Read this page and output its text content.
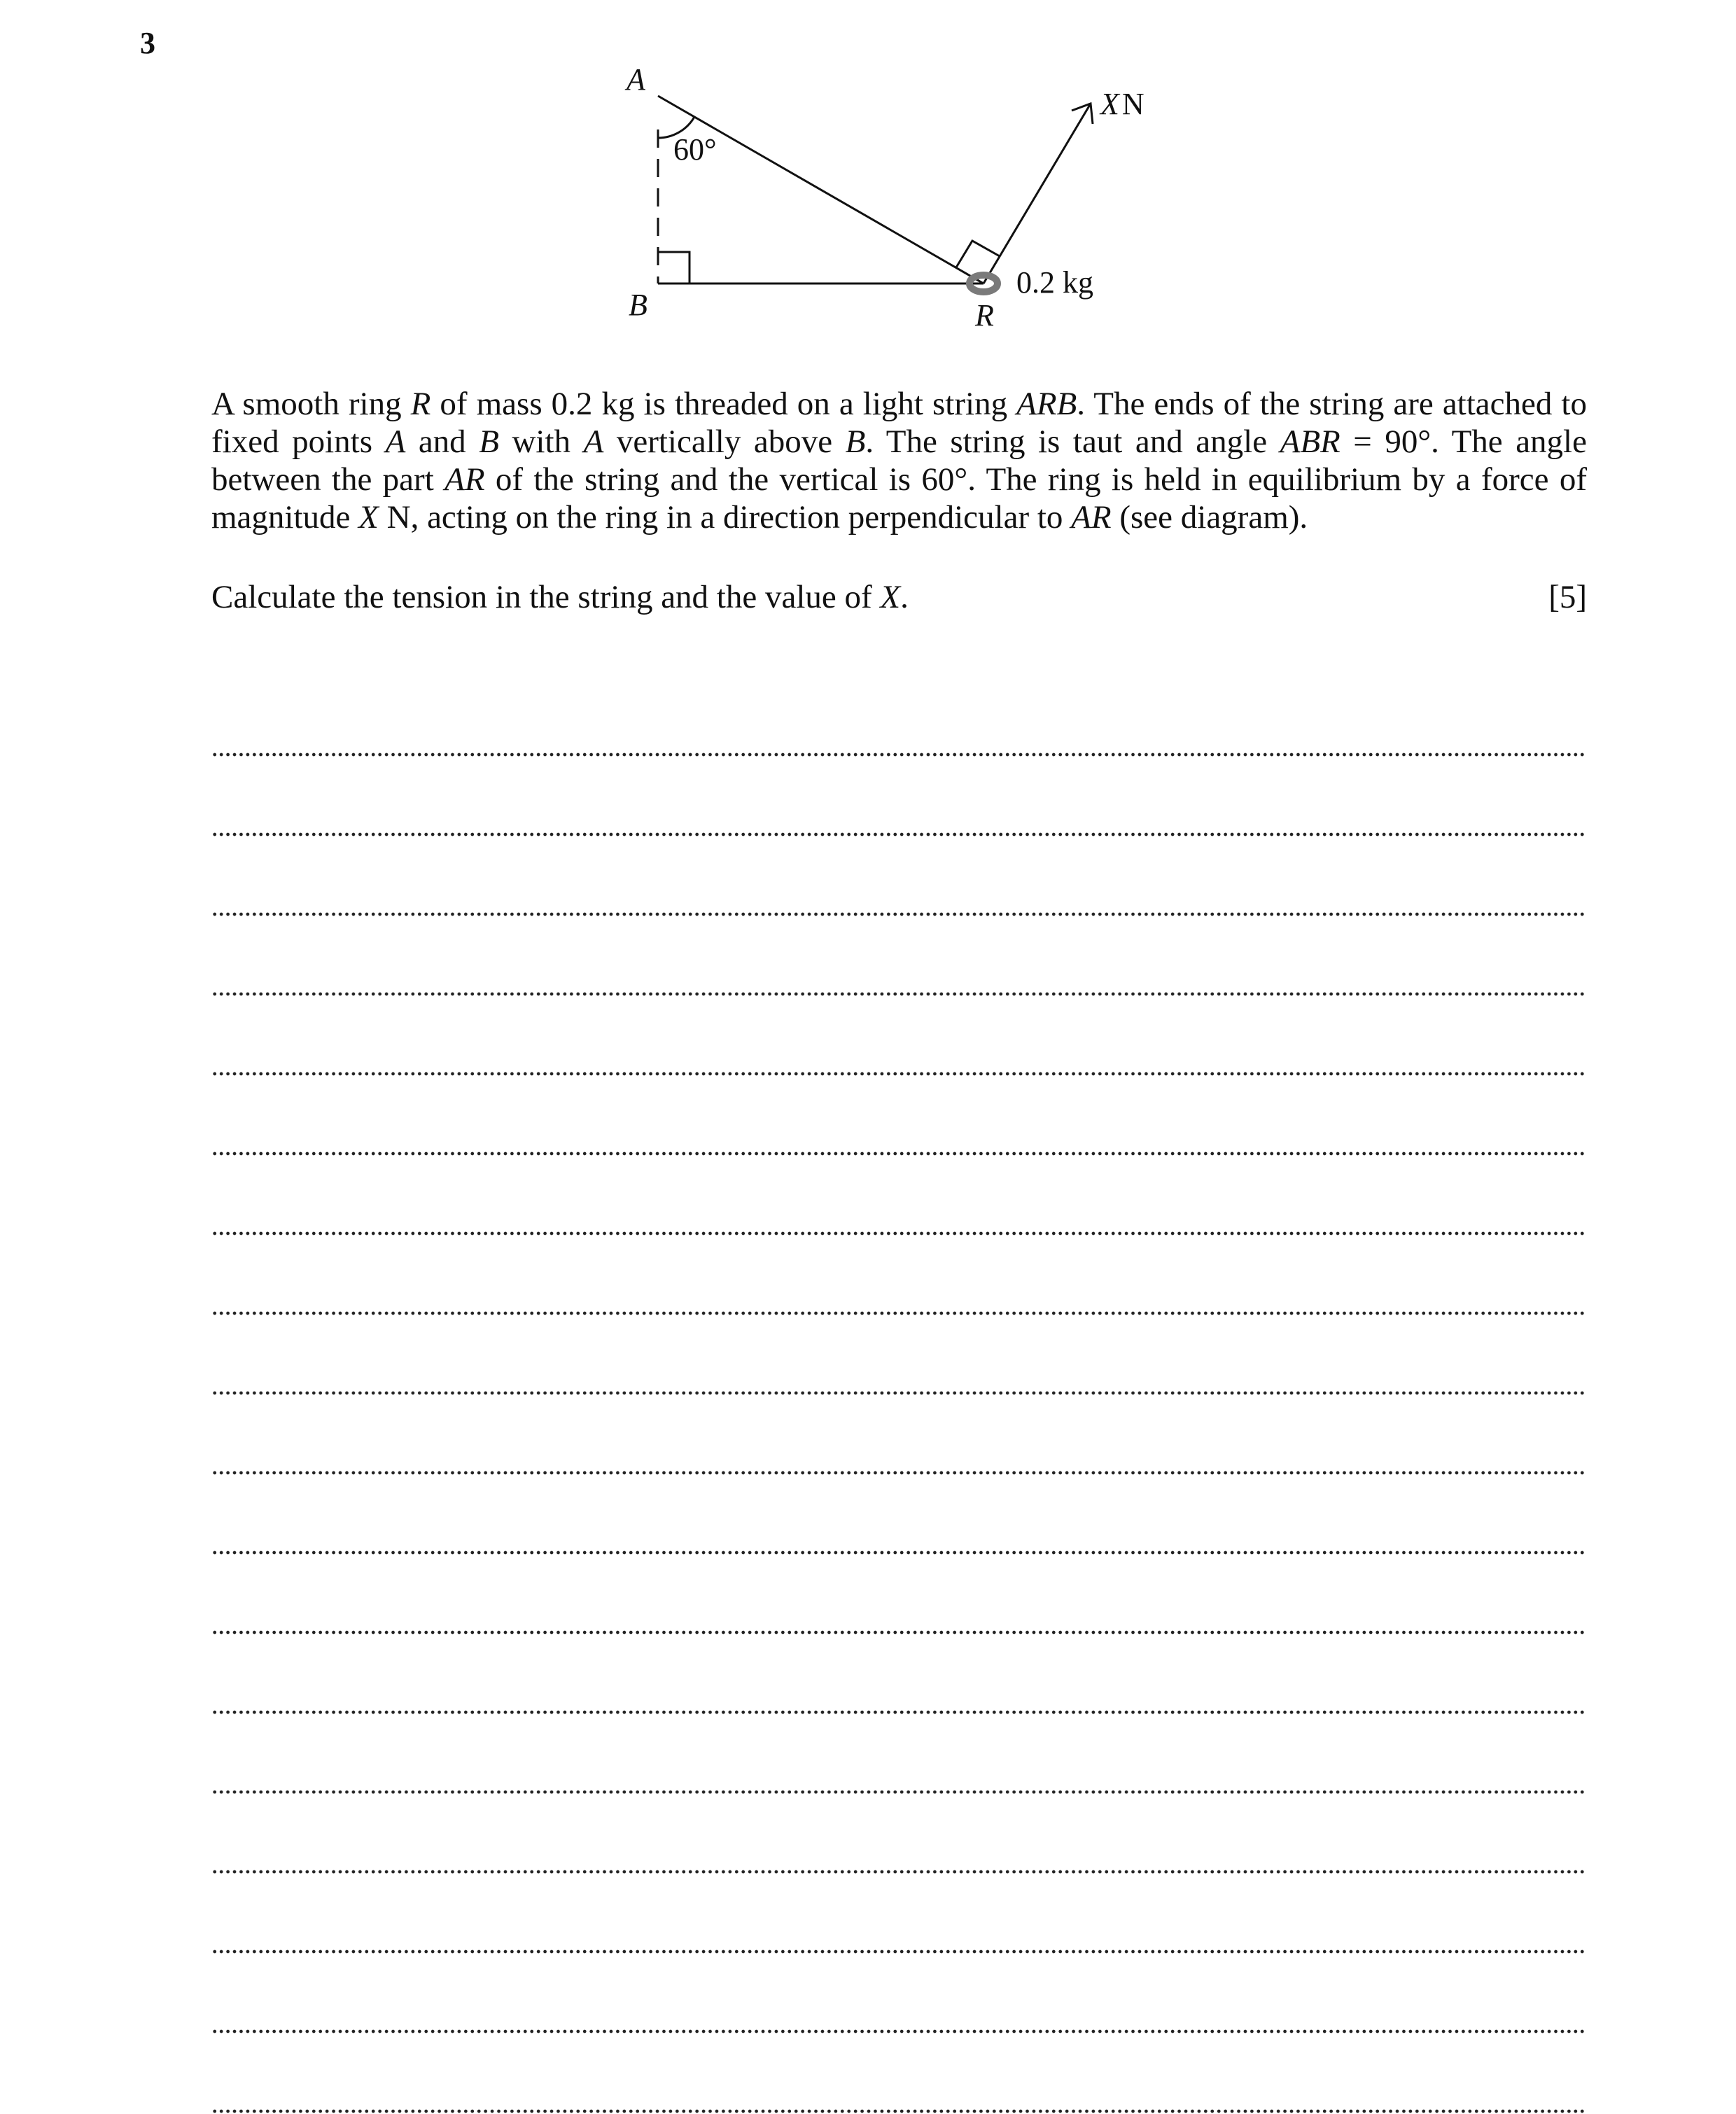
3
A
B	R
60°
0.2 kg
XN
A smooth ring R of mass 0.2 kg is threaded on a light string ARB. The ends of the string are attached to fixed points A and B with A vertically above B. The string is taut and angle ABR = 90°. The angle between the part AR of the string and the vertical is 60°. The ring is held in equilibrium by a force of magnitude X N, acting on the ring in a direction perpendicular to AR (see diagram).
Calculate the tension in the string and the value of X.	[5]
